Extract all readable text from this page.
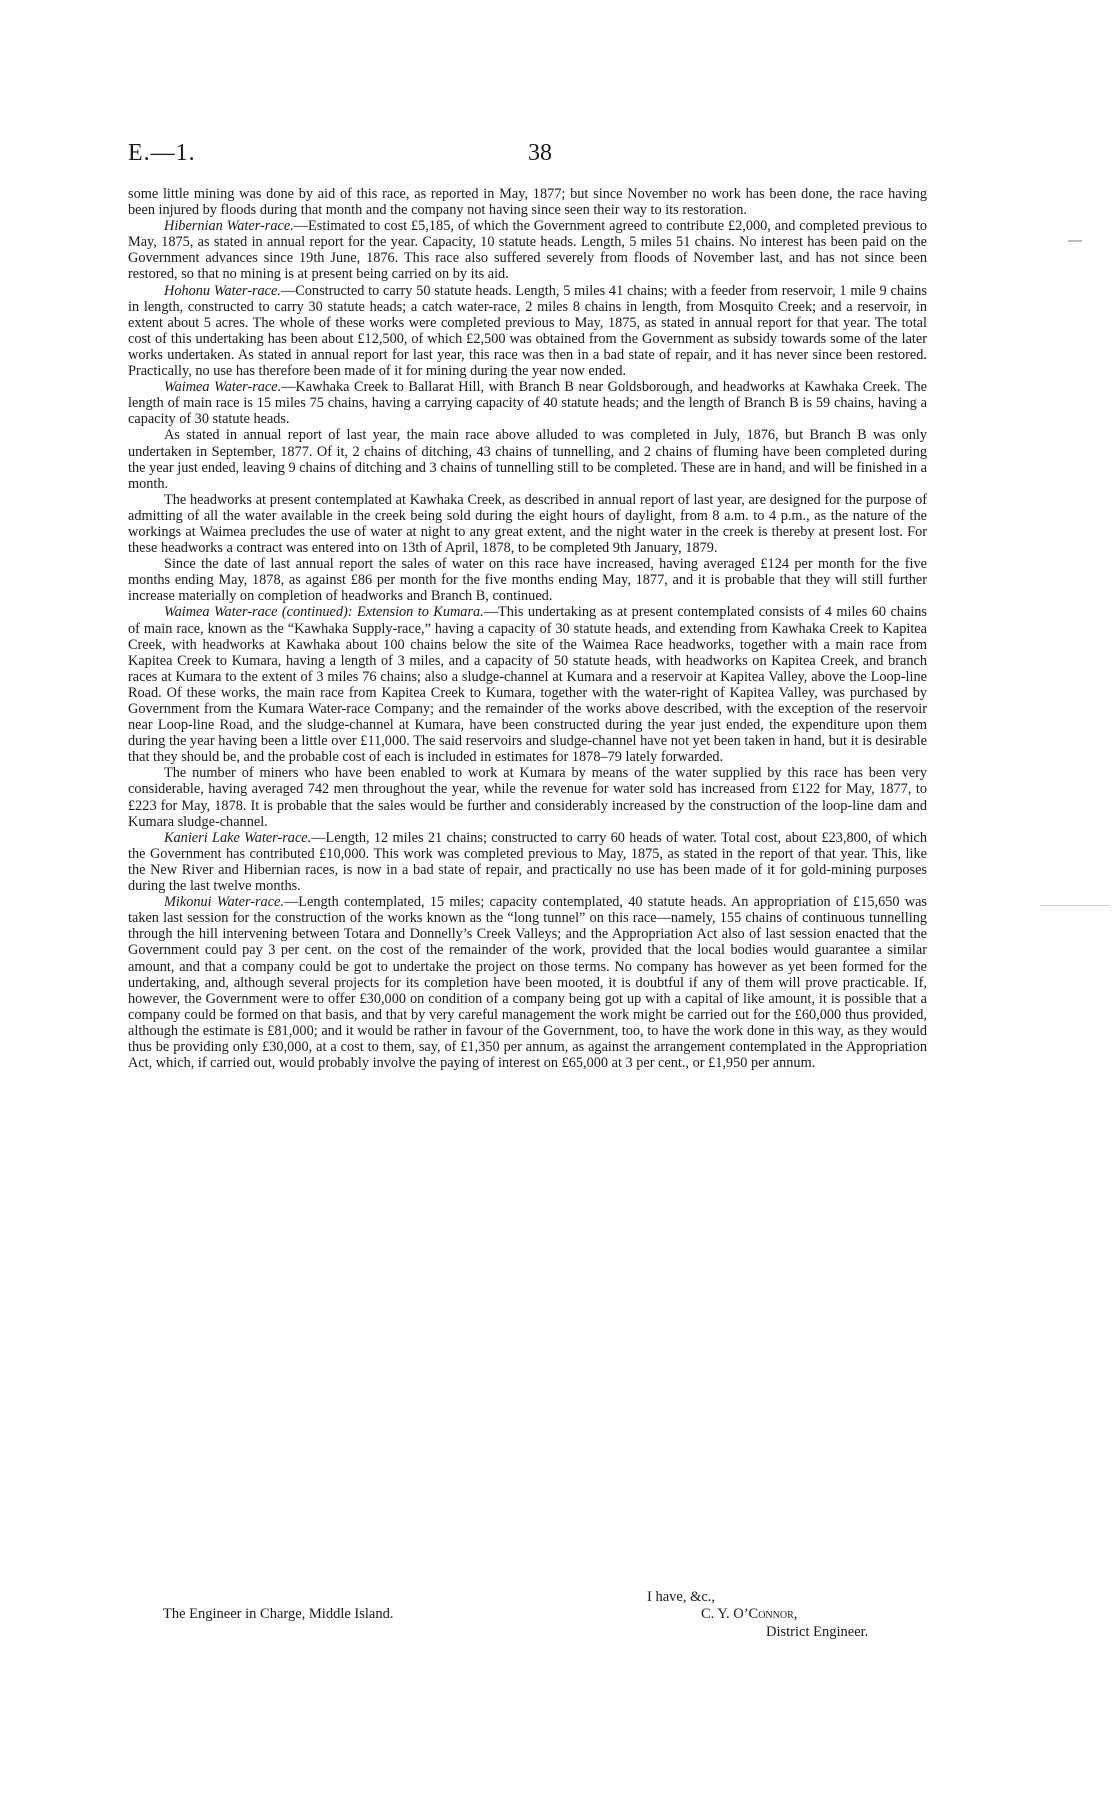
E.—1.	38

some little mining was done by aid of this race, as reported in May, 1877; but since November no work has been done, the race having been injured by floods during that month and the company not having since seen their way to its restoration.

Hibernian Water-race.—Estimated to cost £5,185, of which the Government agreed to contribute £2,000, and completed previous to May, 1875, as stated in annual report for the year. Capacity, 10 statute heads. Length, 5 miles 51 chains. No interest has been paid on the Government advances since 19th June, 1876. This race also suffered severely from floods of November last, and has not since been restored, so that no mining is at present being carried on by its aid.

Hohonu Water-race.—Constructed to carry 50 statute heads. Length, 5 miles 41 chains; with a feeder from reservoir, 1 mile 9 chains in length, constructed to carry 30 statute heads; a catch water-race, 2 miles 8 chains in length, from Mosquito Creek; and a reservoir, in extent about 5 acres. The whole of these works were completed previous to May, 1875, as stated in annual report for that year. The total cost of this undertaking has been about £12,500, of which £2,500 was obtained from the Government as subsidy towards some of the later works undertaken. As stated in annual report for last year, this race was then in a bad state of repair, and it has never since been restored. Practically, no use has therefore been made of it for mining during the year now ended.

Waimea Water-race.—Kawhaka Creek to Ballarat Hill, with Branch B near Goldsborough, and headworks at Kawhaka Creek. The length of main race is 15 miles 75 chains, having a carrying capacity of 40 statute heads; and the length of Branch B is 59 chains, having a capacity of 30 statute heads.

As stated in annual report of last year, the main race above alluded to was completed in July, 1876, but Branch B was only undertaken in September, 1877. Of it, 2 chains of ditching, 43 chains of tunnelling, and 2 chains of fluming have been completed during the year just ended, leaving 9 chains of ditching and 3 chains of tunnelling still to be completed. These are in hand, and will be finished in a month.

The headworks at present contemplated at Kawhaka Creek, as described in annual report of last year, are designed for the purpose of admitting of all the water available in the creek being sold during the eight hours of daylight, from 8 a.m. to 4 p.m., as the nature of the workings at Waimea precludes the use of water at night to any great extent, and the night water in the creek is thereby at present lost. For these headworks a contract was entered into on 13th of April, 1878, to be completed 9th January, 1879.

Since the date of last annual report the sales of water on this race have increased, having averaged £124 per month for the five months ending May, 1878, as against £86 per month for the five months ending May, 1877, and it is probable that they will still further increase materially on completion of headworks and Branch B, continued.

Waimea Water-race (continued): Extension to Kumara.—This undertaking as at present contemplated consists of 4 miles 60 chains of main race, known as the “Kawhaka Supply-race,” having a capacity of 30 statute heads, and extending from Kawhaka Creek to Kapitea Creek, with headworks at Kawhaka about 100 chains below the site of the Waimea Race headworks, together with a main race from Kapitea Creek to Kumara, having a length of 3 miles, and a capacity of 50 statute heads, with headworks on Kapitea Creek, and branch races at Kumara to the extent of 3 miles 76 chains; also a sludge-channel at Kumara and a reservoir at Kapitea Valley, above the Loop-line Road. Of these works, the main race from Kapitea Creek to Kumara, together with the water-right of Kapitea Valley, was purchased by Government from the Kumara Water-race Company; and the remainder of the works above described, with the exception of the reservoir near Loop-line Road, and the sludge-channel at Kumara, have been constructed during the year just ended, the expenditure upon them during the year having been a little over £11,000. The said reservoirs and sludge-channel have not yet been taken in hand, but it is desirable that they should be, and the probable cost of each is included in estimates for 1878–79 lately forwarded.

The number of miners who have been enabled to work at Kumara by means of the water supplied by this race has been very considerable, having averaged 742 men throughout the year, while the revenue for water sold has increased from £122 for May, 1877, to £223 for May, 1878. It is probable that the sales would be further and considerably increased by the construction of the loop-line dam and Kumara sludge-channel.

Kanieri Lake Water-race.—Length, 12 miles 21 chains; constructed to carry 60 heads of water. Total cost, about £23,800, of which the Government has contributed £10,000. This work was completed previous to May, 1875, as stated in the report of that year. This, like the New River and Hibernian races, is now in a bad state of repair, and practically no use has been made of it for gold-mining purposes during the last twelve months.

Mikonui Water-race.—Length contemplated, 15 miles; capacity contemplated, 40 statute heads. An appropriation of £15,650 was taken last session for the construction of the works known as the “long tunnel” on this race—namely, 155 chains of continuous tunnelling through the hill intervening between Totara and Donnelly’s Creek Valleys; and the Appropriation Act also of last session enacted that the Government could pay 3 per cent. on the cost of the remainder of the work, provided that the local bodies would guarantee a similar amount, and that a company could be got to undertake the project on those terms. No company has however as yet been formed for the undertaking, and, although several projects for its completion have been mooted, it is doubtful if any of them will prove practicable. If, however, the Government were to offer £30,000 on condition of a company being got up with a capital of like amount, it is possible that a company could be formed on that basis, and that by very careful management the work might be carried out for the £60,000 thus provided, although the estimate is £81,000; and it would be rather in favour of the Government, too, to have the work done in this way, as they would thus be providing only £30,000, at a cost to them, say, of £1,350 per annum, as against the arrangement contemplated in the Appropriation Act, which, if carried out, would probably involve the paying of interest on £65,000 at 3 per cent., or £1,950 per annum.

I have, &c.,
The Engineer in Charge, Middle Island.	C. Y. O’Connor,
District Engineer.
